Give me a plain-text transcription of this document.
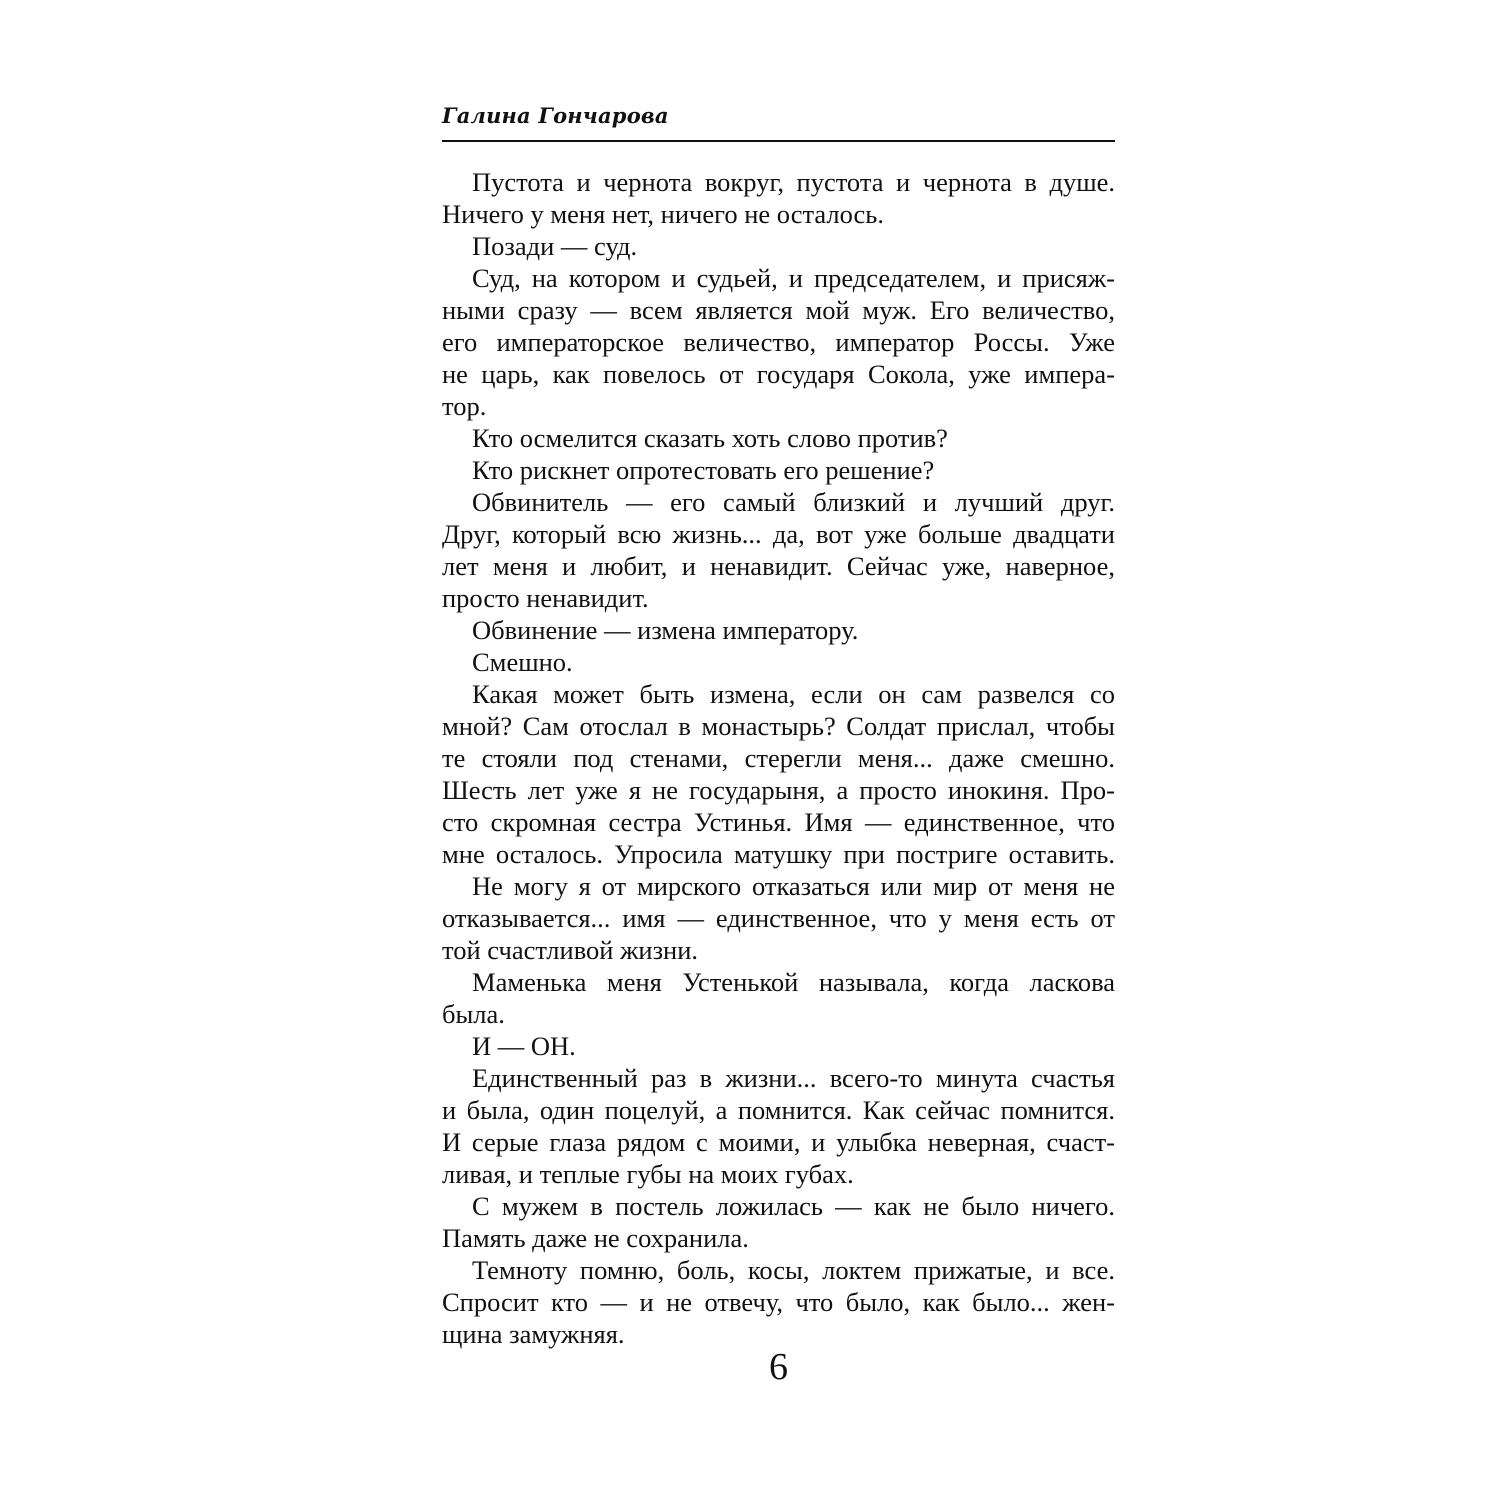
Галина Гончарова
Пустота и чернота вокруг, пустота и чернота в душе.
Ничего у меня нет, ничего не осталось.
Позади — суд.
Суд, на котором и судьей, и председателем, и присяж-
ными сразу — всем является мой муж. Его величество,
его императорское величество, император Россы. Уже
не царь, как повелось от государя Сокола, уже импера-
тор.
Кто осмелится сказать хоть слово против?
Кто рискнет опротестовать его решение?
Обвинитель — его самый близкий и лучший друг.
Друг, который всю жизнь... да, вот уже больше двадцати
лет меня и любит, и ненавидит. Сейчас уже, наверное,
просто ненавидит.
Обвинение — измена императору.
Смешно.
Какая может быть измена, если он сам развелся со
мной? Сам отослал в монастырь? Солдат прислал, чтобы
те стояли под стенами, стерегли меня... даже смешно.
Шесть лет уже я не государыня, а просто инокиня. Про-
сто скромная сестра Устинья. Имя — единственное, что
мне осталось. Упросила матушку при постриге оставить.
Не могу я от мирского отказаться или мир от меня не
отказывается... имя — единственное, что у меня есть от
той счастливой жизни.
Маменька меня Устенькой называла, когда ласкова
была.
И — ОН.
Единственный раз в жизни... всего-то минута счастья
и была, один поцелуй, а помнится. Как сейчас помнится.
И серые глаза рядом с моими, и улыбка неверная, счаст-
ливая, и теплые губы на моих губах.
С мужем в постель ложилась — как не было ничего.
Память даже не сохранила.
Темноту помню, боль, косы, локтем прижатые, и все.
Спросит кто — и не отвечу, что было, как было... жен-
щина замужняя.
6
